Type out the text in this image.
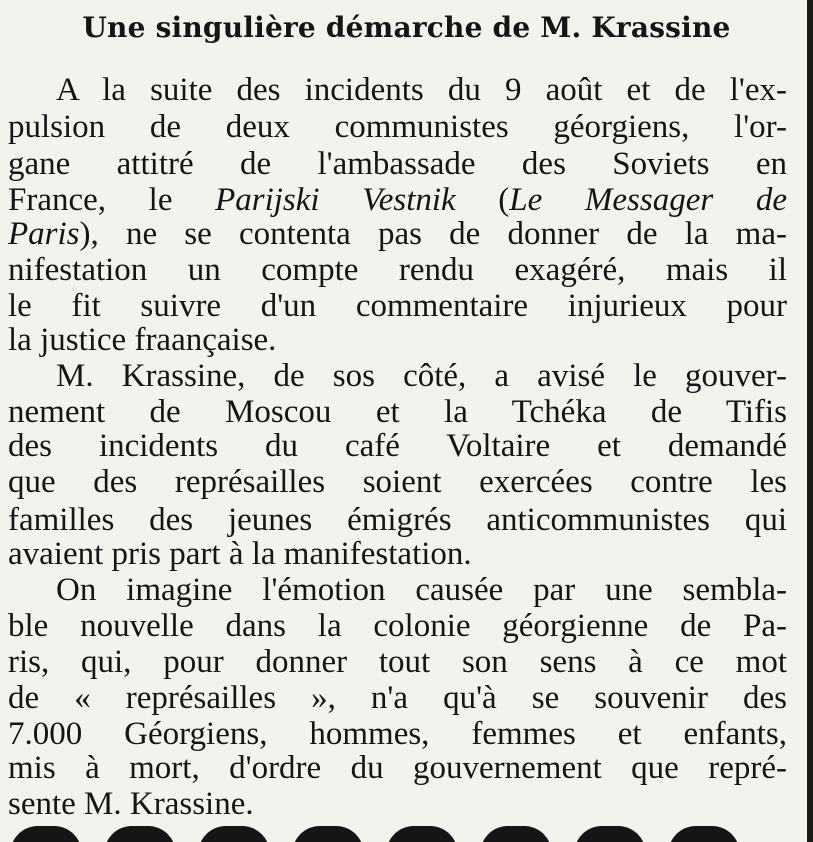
Une singulière démarche de M. Krassine
A la suite des incidents du 9 août et de l'ex-
pulsion de deux communistes géorgiens, l'or-
gane attitré de l'ambassade des Soviets en
France, le Parijski Vestnik (Le Messager de
Paris), ne se contenta pas de donner de la ma-
nifestation un compte rendu exagéré, mais il
le fit suivre d'un commentaire injurieux pour
la justice fraançaise.
M. Krassine, de sos côté, a avisé le gouver-
nement de Moscou et la Tchéka de Tifis
des incidents du café Voltaire et demandé
que des représailles soient exercées contre les
familles des jeunes émigrés anticommunistes qui
avaient pris part à la manifestation.
On imagine l'émotion causée par une sembla-
ble nouvelle dans la colonie géorgienne de Pa-
ris, qui, pour donner tout son sens à ce mot
de « représailles », n'a qu'à se souvenir des
7.000 Géorgiens, hommes, femmes et enfants,
mis à mort, d'ordre du gouvernement que repré-
sente M. Krassine.
